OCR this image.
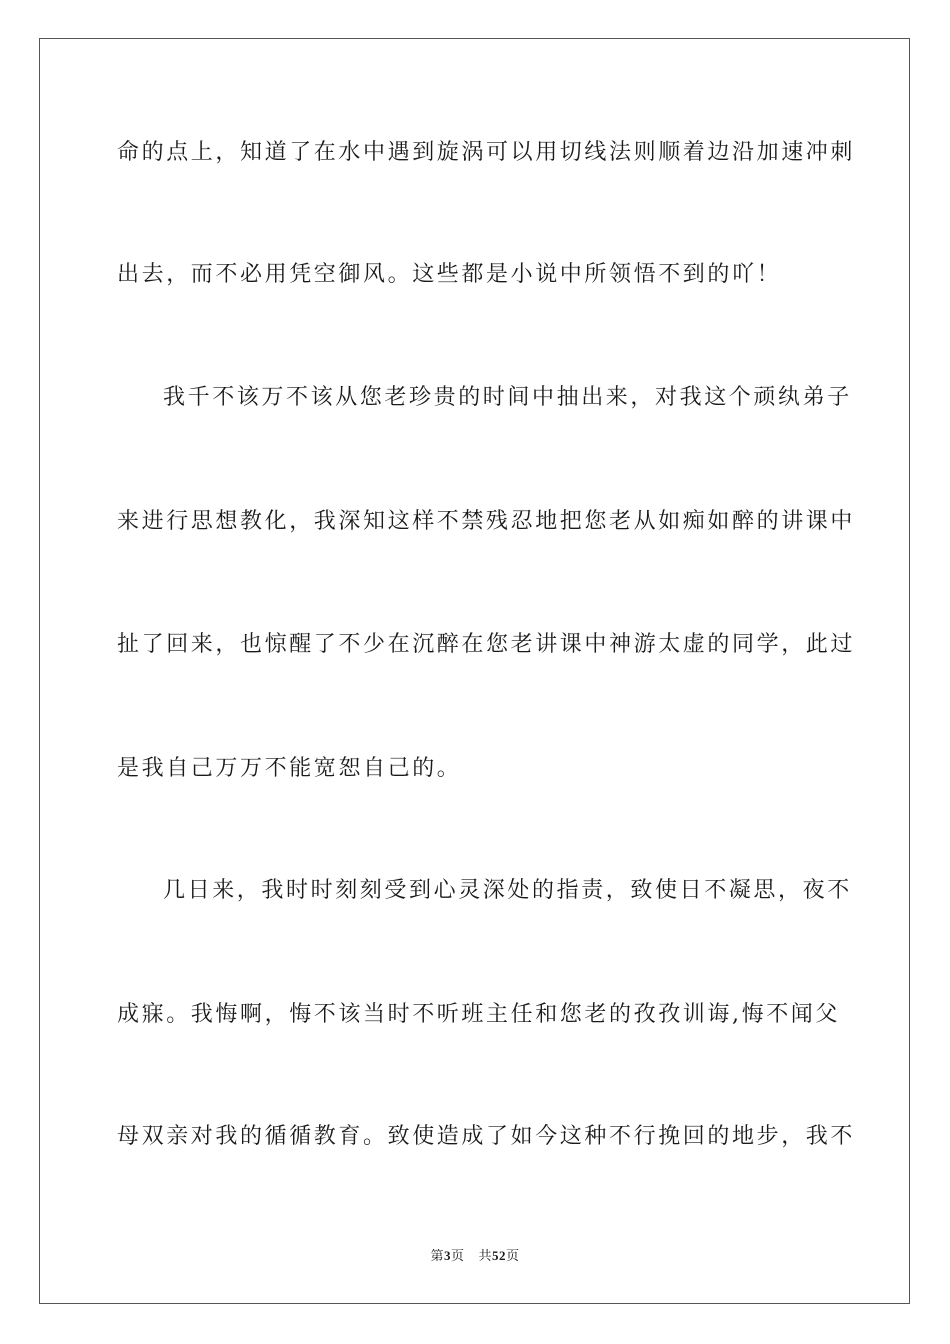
命的点上，知道了在水中遇到旋涡可以用切线法则顺着边沿加速冲刺
出去，而不必用凭空御风。这些都是小说中所领悟不到的吖！
我千不该万不该从您老珍贵的时间中抽出来，对我这个顽纨弟子
来进行思想教化，我深知这样不禁残忍地把您老从如痴如醉的讲课中
扯了回来，也惊醒了不少在沉醉在您老讲课中神游太虚的同学，此过
是我自己万万不能宽恕自己的。
几日来，我时时刻刻受到心灵深处的指责，致使日不凝思，夜不
成寐。我悔啊，悔不该当时不听班主任和您老的孜孜训诲,悔不闻父
母双亲对我的循循教育。致使造成了如今这种不行挽回的地步，我不
第3页 共52页
